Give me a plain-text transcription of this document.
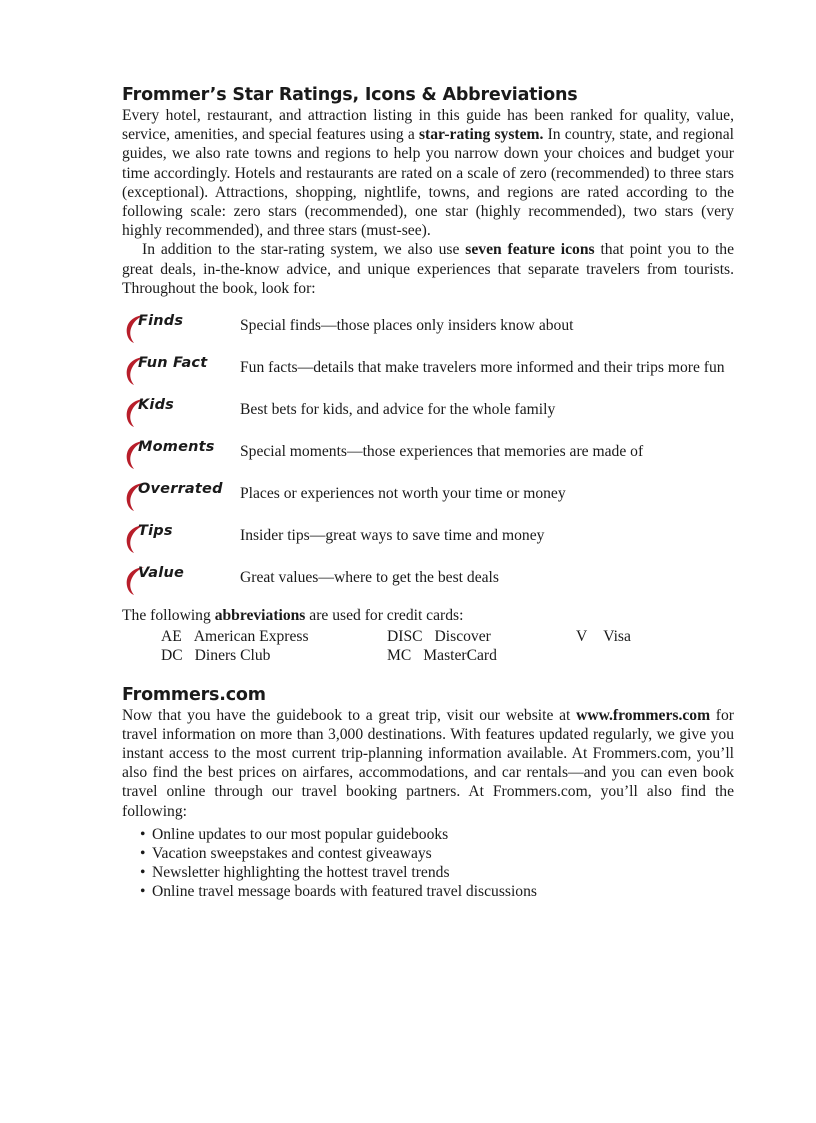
Frommer’s Star Ratings, Icons & Abbreviations

Every hotel, restaurant, and attraction listing in this guide has been ranked for quality, value, service, amenities, and special features using a star-rating system. In country, state, and regional guides, we also rate towns and regions to help you narrow down your choices and budget your time accordingly. Hotels and restaurants are rated on a scale of zero (recommended) to three stars (exceptional). Attractions, shopping, nightlife, towns, and regions are rated according to the following scale: zero stars (recommended), one star (highly recommended), two stars (very highly recommended), and three stars (must-see).

In addition to the star-rating system, we also use seven feature icons that point you to the great deals, in-the-know advice, and unique experiences that separate travelers from tourists. Throughout the book, look for:

Finds	Special finds—those places only insiders know about
Fun Fact Fun facts—details that make travelers more informed and their trips more fun
Kids	Best bets for kids, and advice for the whole family
Moments Special moments—those experiences that memories are made of
Overrated Places or experiences not worth your time or money
Tips	Insider tips—great ways to save time and money
Value	Great values—where to get the best deals

The following abbreviations are used for credit cards:

AE American Express	DISC Discover	V Visa
DC Diners Club	MC MasterCard
Frommers.com

Now that you have the guidebook to a great trip, visit our website at www.frommers.com for travel information on more than 3,000 destinations. With features updated regularly, we give you instant access to the most current trip-planning information available. At Frommers.com, you’ll also find the best prices on airfares, accommodations, and car rentals—and you can even book travel online through our travel booking partners. At Frommers.com, you’ll also find the following:

• Online updates to our most popular guidebooks
• Vacation sweepstakes and contest giveaways
• Newsletter highlighting the hottest travel trends
• Online travel message boards with featured travel discussions
